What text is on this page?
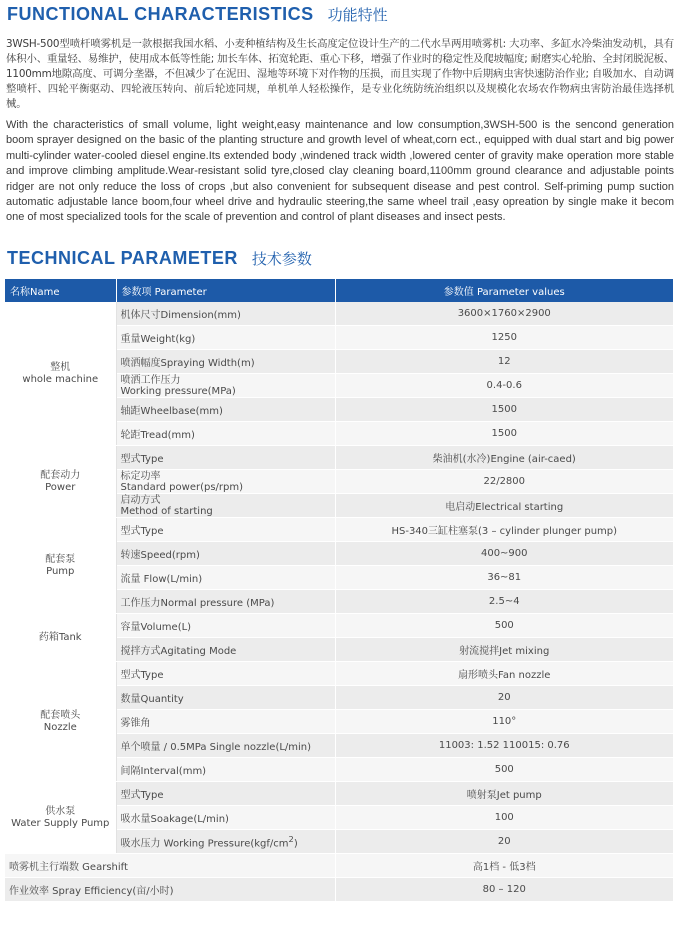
FUNCTIONAL CHARACTERISTICS 功能特性

3WSH-500型喷杆喷雾机是一款根据我国水稻、小麦种植结构及生长高度定位设计生产的二代水旱两用喷雾机: 大功率、多缸水冷柴油发动机，具有体积小、重量轻、易维护，使用成本低等性能; 加长车体、拓宽轮距、重心下移，增强了作业时的稳定性及爬坡幅度; 耐磨实心轮胎、全封闭脱泥板、1100mm地隙高度、可调分垄器，不但减少了在泥田、湿地等环境下对作物的压损，而且实现了作物中后期病虫害快速防治作业; 自吸加水、自动调整喷杆、四轮平衡驱动、四轮液压转向、前后轮迹同规，单机单人轻松操作，是专业化统防统治组织以及规模化农场农作物病虫害防治最佳选择机械。

With the characteristics of small volume, light weight,easy maintenance and low consumption,3WSH-500 is the sencond generation boom sprayer designed on the basic of the planting structure and growth level of wheat,corn ect., equipped with dual start and big power multi-cylinder water-cooled diesel engine.Its extended body ,windened track width ,lowered center of gravity make operation more stable and improve climbing amplitude.Wear-resistant solid tyre,closed clay cleaning board,1100mm ground clearance and adjustable points ridger are not only reduce the loss of crops ,but also convenient for subsequent disease and pest control. Self-priming pump suction automatic adjustable lance boom,four wheel drive and hydraulic steering,the same wheel trail ,easy opreation by single make it becom one of most specialized tools for the scale of prevention and control of plant diseases and insect pests.

TECHNICAL PARAMETER 技术参数
名称Name	参数项 Parameter	参数值 Parameter values

整机
whole machine	机体尺寸Dimension(mm)	3600×1760×2900
	重量Weight(kg)	1250
	喷洒幅度Spraying Width(m)	12

	喷洒工作压力
Working pressure(MPa)	0.4-0.6
	轴距Wheelbase(mm)	1500
	轮距Tread(mm)	1500

配套动力
Power	型式Type	柴油机(水冷)Engine (air-caed)

	标定功率
Standard power(ps/rpm)	22/2800

	启动方式
Method of starting	电启动Electrical starting

配套泵
Pump	型式Type	HS-340三缸柱塞泵(3 – cylinder plunger pump)
	转速Speed(rpm)	400~900
	流量 Flow(L/min)	36~81
	工作压力Normal pressure (MPa)	2.5~4

药箱Tank	容量Volume(L)	500
	搅拌方式Agitating Mode	射流搅拌Jet mixing

配套喷头
Nozzle	型式Type	扇形喷头Fan nozzle
	数量Quantity	20
	雾锥角	110°
	单个喷量 / 0.5MPa Single nozzle(L/min)	11003: 1.52 110015: 0.76
	间隔Interval(mm)	500

供水泵
Water Supply Pump	型式Type	喷射泵Jet pump
	吸水量Soakage(L/min)	100
	吸水压力 Working $Pressure(kgf/cm^2)$	20
喷雾机主行端数 Gearshift		高1档 - 低3档
作业效率 Spray Efficiency(亩/小时)		80 – 120
